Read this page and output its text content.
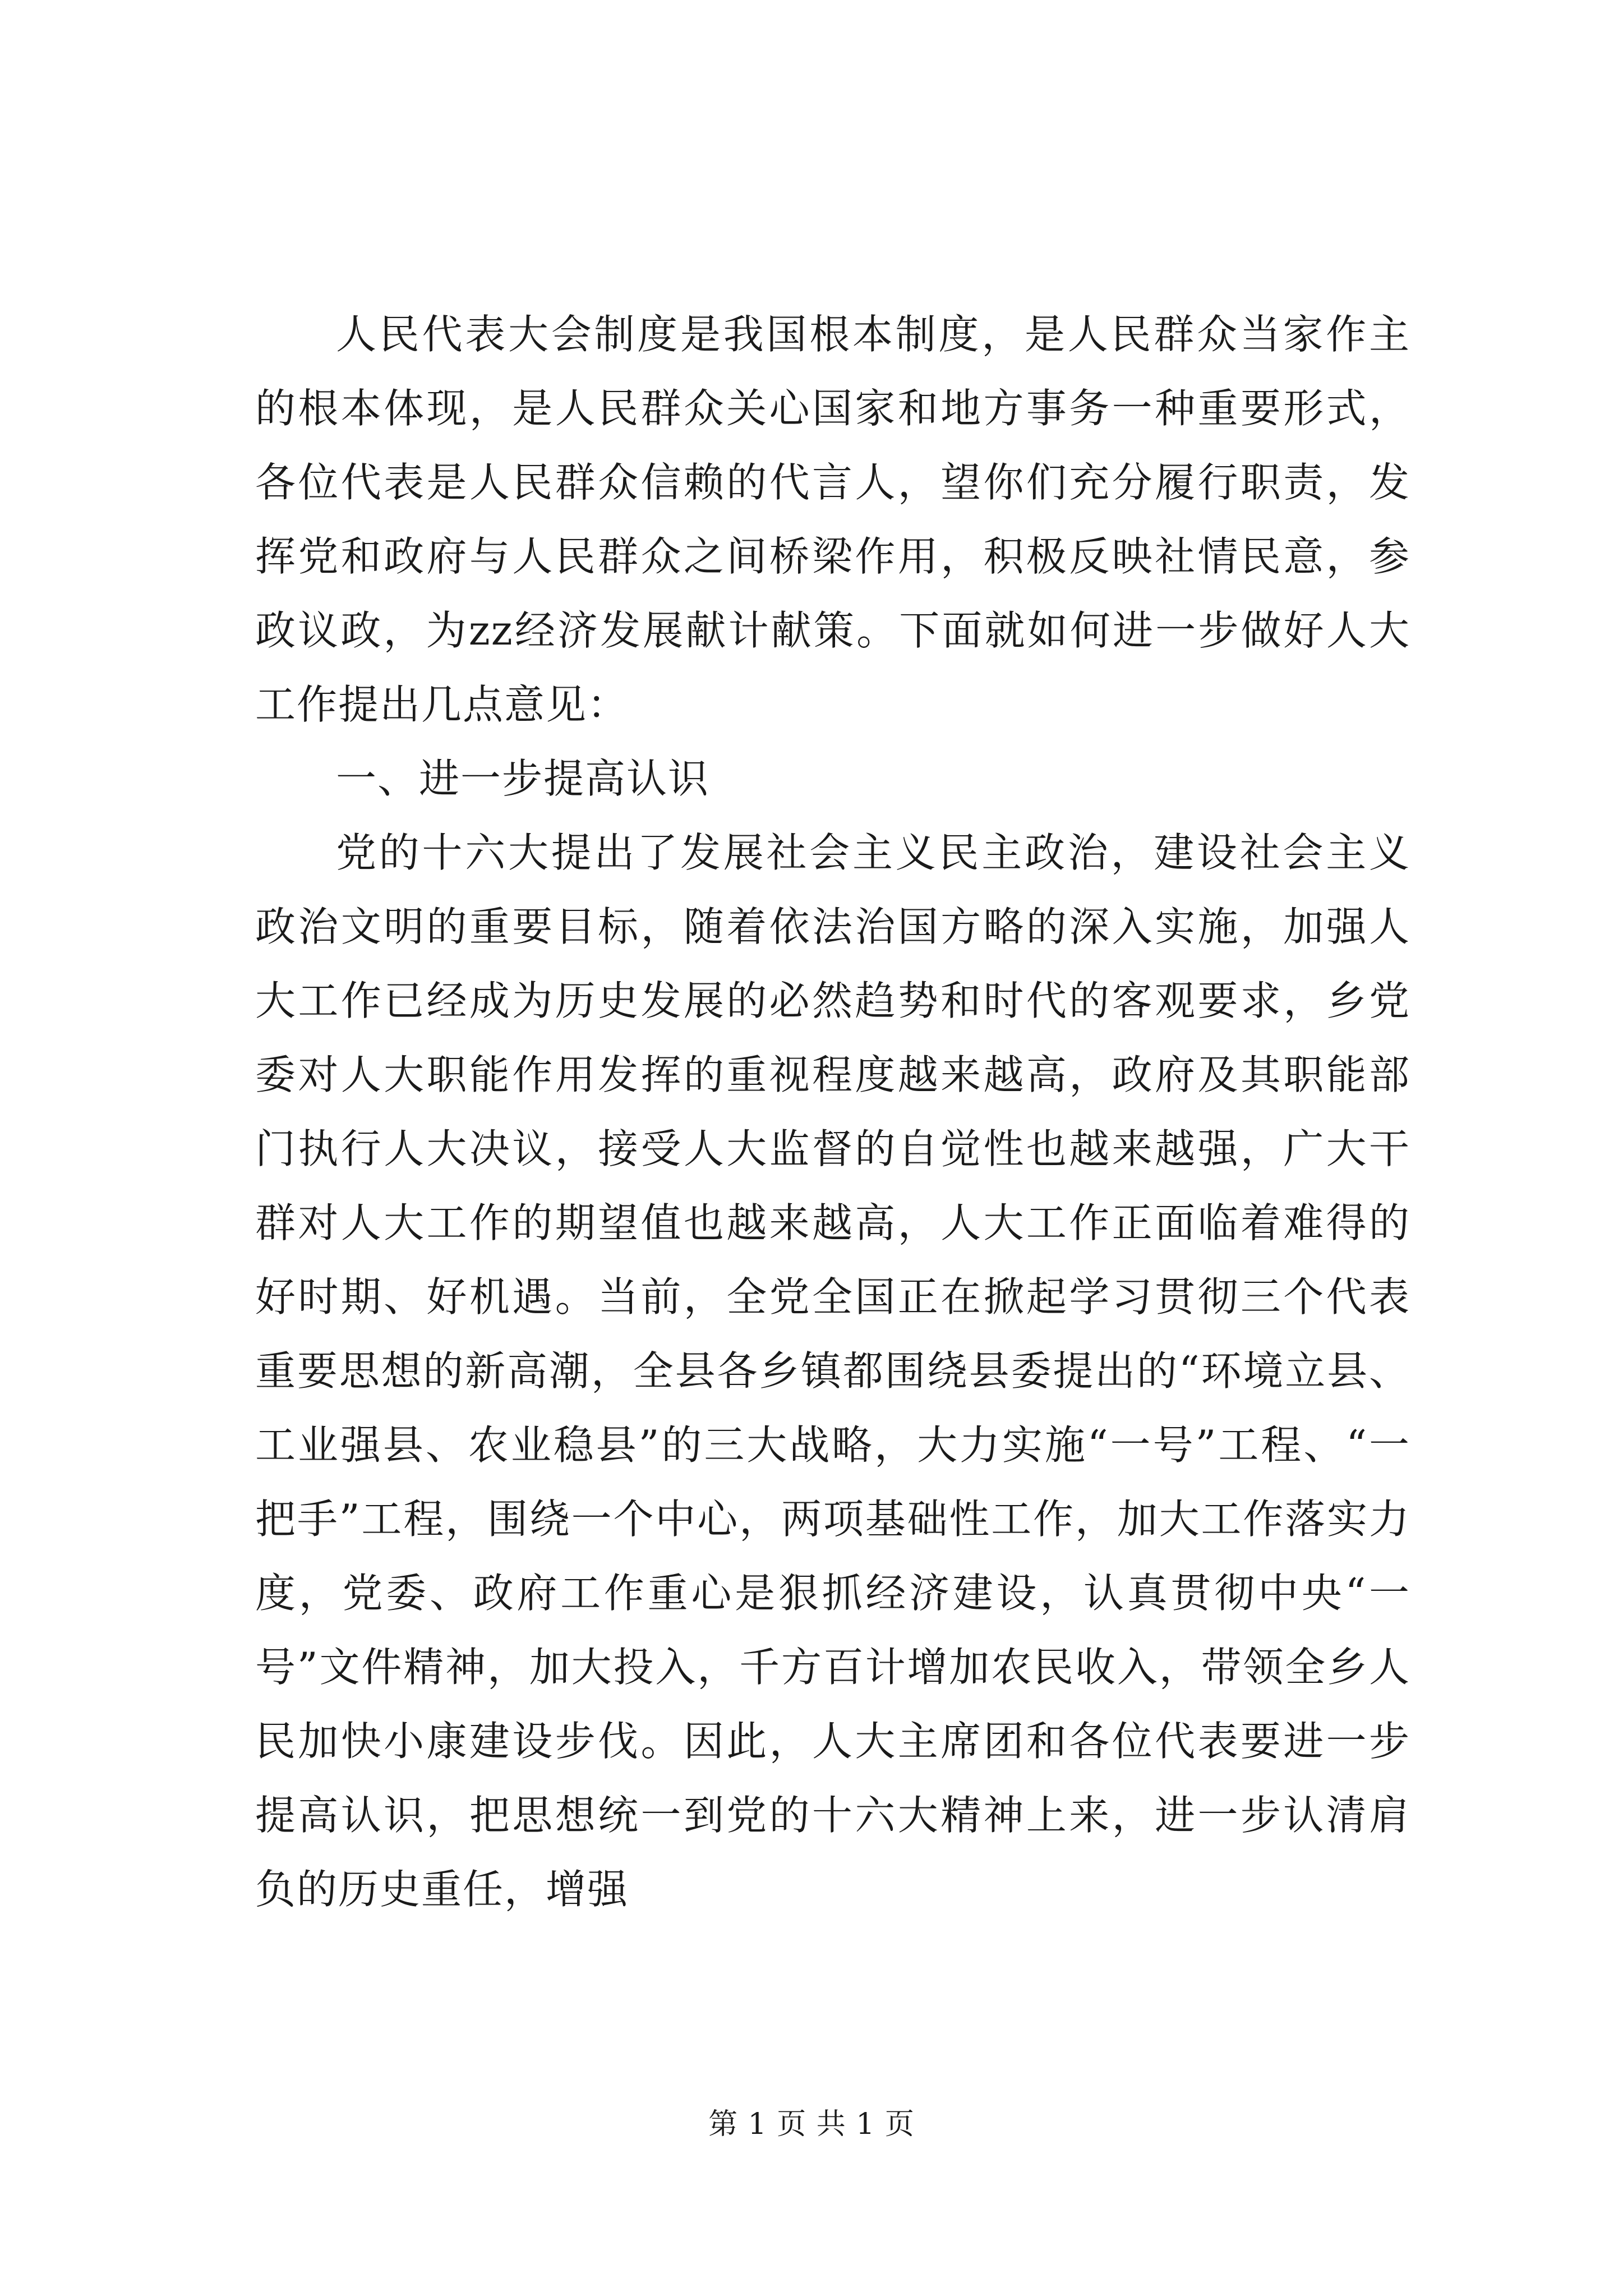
人民代表大会制度是我国根本制度，是人民群众当家作主的根本体现，是人民群众关心国家和地方事务一种重要形式，各位代表是人民群众信赖的代言人，望你们充分履行职责，发挥党和政府与人民群众之间桥梁作用，积极反映社情民意，参政议政，为zz经济发展献计献策。下面就如何进一步做好人大工作提出几点意见：

一、进一步提高认识

党的十六大提出了发展社会主义民主政治，建设社会主义政治文明的重要目标，随着依法治国方略的深入实施，加强人大工作已经成为历史发展的必然趋势和时代的客观要求，乡党委对人大职能作用发挥的重视程度越来越高，政府及其职能部门执行人大决议，接受人大监督的自觉性也越来越强，广大干群对人大工作的期望值也越来越高，人大工作正面临着难得的好时期、好机遇。当前，全党全国正在掀起学习贯彻三个代表重要思想的新高潮，全县各乡镇都围绕县委提出的“环境立县、工业强县、农业稳县”的三大战略，大力实施“一号”工程、“一把手”工程，围绕一个中心，两项基础性工作，加大工作落实力度，党委、政府工作重心是狠抓经济建设，认真贯彻中央“一号”文件精神，加大投入，千方百计增加农民收入，带领全乡人民加快小康建设步伐。因此，人大主席团和各位代表要进一步提高认识，把思想统一到党的十六大精神上来，进一步认清肩负的历史重任，增强

第 1 页 共 1 页
